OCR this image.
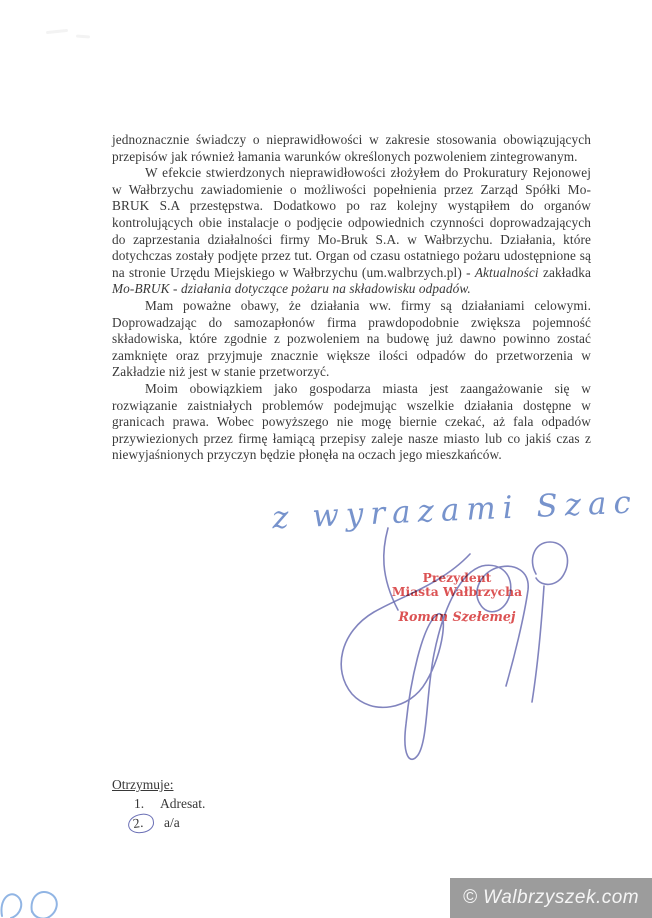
jednoznacznie świadczy o nieprawidłowości w zakresie stosowania obowiązujących przepisów jak również łamania warunków określonych pozwoleniem zintegrowanym.

W efekcie stwierdzonych nieprawidłowości złożyłem do Prokuratury Rejonowej w Wałbrzychu zawiadomienie o możliwości popełnienia przez Zarząd Spółki Mo-BRUK S.A przestępstwa. Dodatkowo po raz kolejny wystąpiłem do organów kontrolujących obie instalacje o podjęcie odpowiednich czynności doprowadzających do zaprzestania działalności firmy Mo-Bruk S.A. w Wałbrzychu. Działania, które dotychczas zostały podjęte przez tut. Organ od czasu ostatniego pożaru udostępnione są na stronie Urzędu Miejskiego w Wałbrzychu (um.walbrzych.pl) - Aktualności zakładka Mo-BRUK - działania dotyczące pożaru na składowisku odpadów.

Mam poważne obawy, że działania ww. firmy są działaniami celowymi. Doprowadzając do samozapłonów firma prawdopodobnie zwiększa pojemność składowiska, które zgodnie z pozwoleniem na budowę już dawno powinno zostać zamknięte oraz przyjmuje znacznie większe ilości odpadów do przetworzenia w Zakładzie niż jest w stanie przetworzyć.

Moim obowiązkiem jako gospodarza miasta jest zaangażowanie się w rozwiązanie zaistniałych problemów podejmując wszelkie działania dostępne w granicach prawa. Wobec powyższego nie mogę biernie czekać, aż fala odpadów przywiezionych przez firmę łamiącą przepisy zaleje nasze miasto lub co jakiś czas z niewyjaśnionych przyczyn będzie płonęła na oczach jego mieszkańców.

z wyrazami Szac
Prezydent
Miasta Wałbrzycha
Roman Szełemej
Otrzymuje:
1.	Adresat.
2.	a/a
© Walbrzyszek.com
